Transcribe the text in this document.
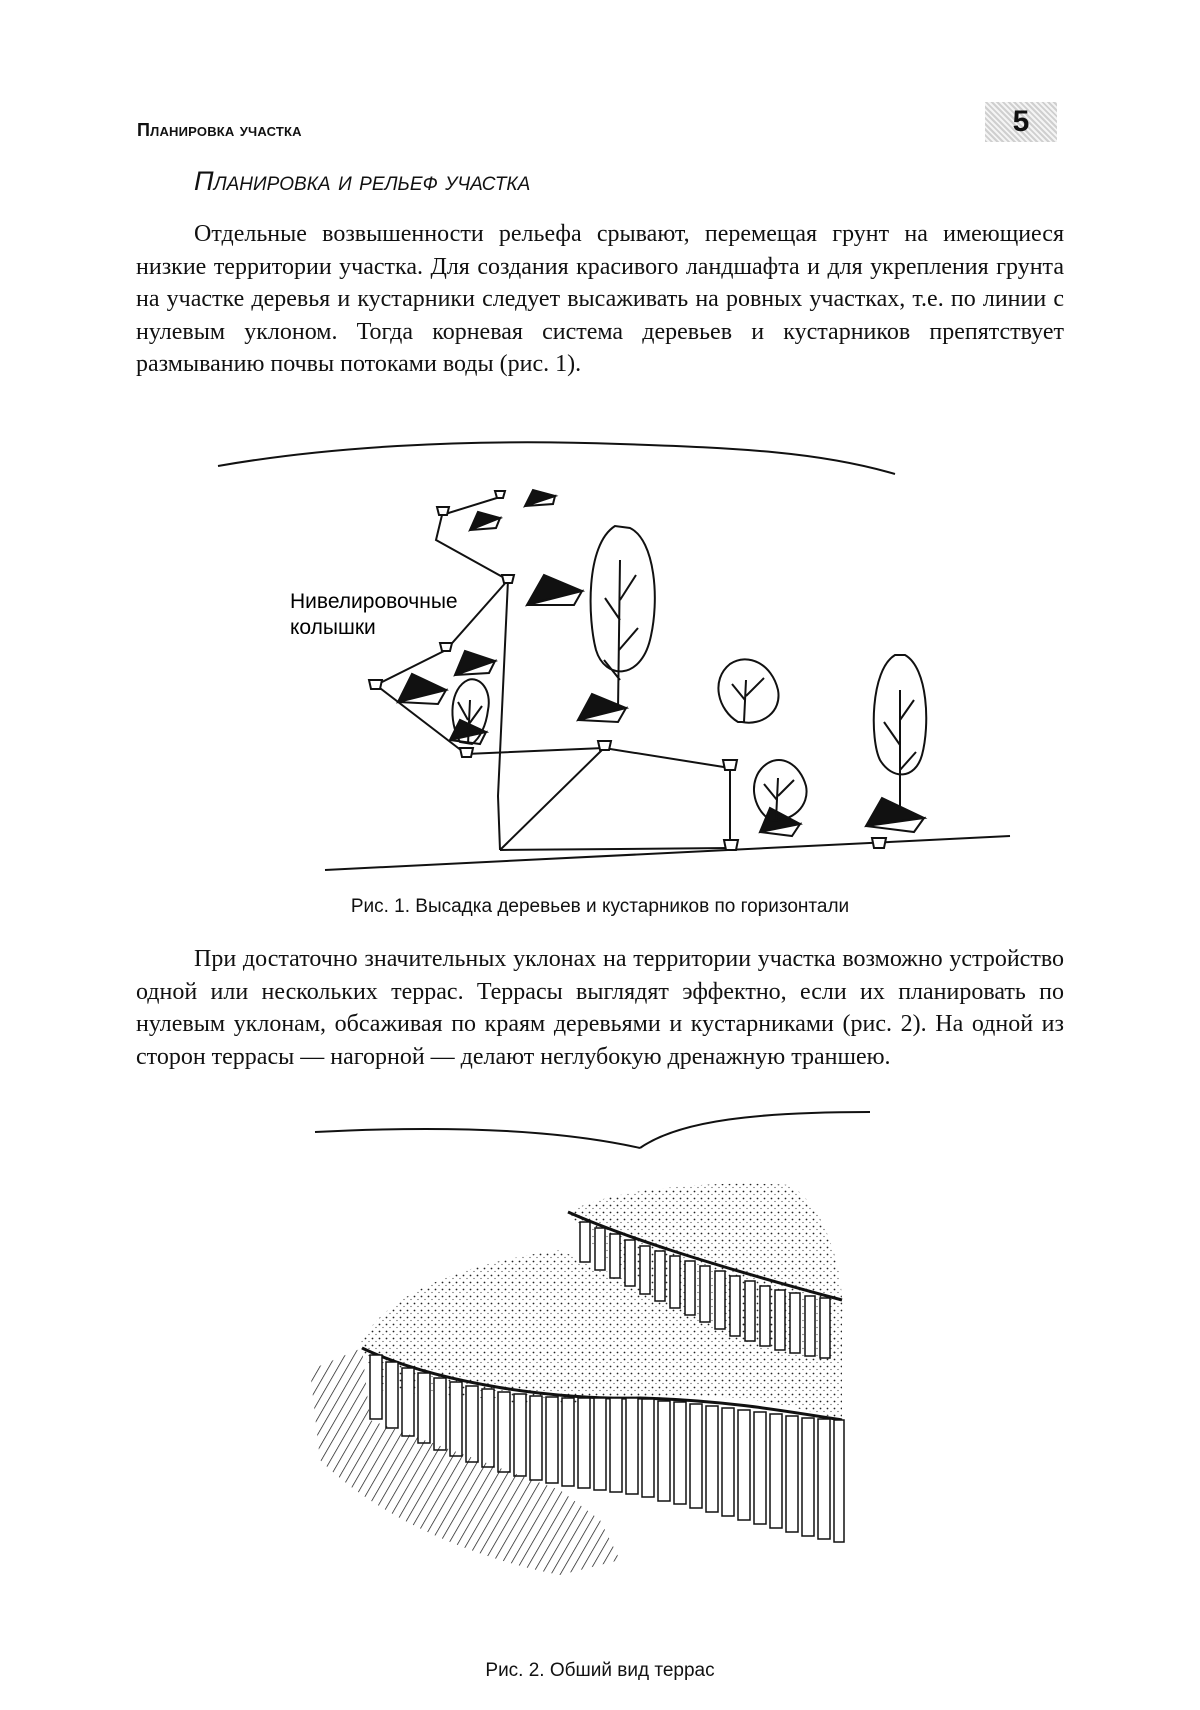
Планировка участка	5
Планировка и рельеф участка

Отдельные возвышенности рельефа срывают, перемещая грунт на имеющиеся низкие территории участка. Для создания красивого ландшафта и для укрепления грунта на участке деревья и кустарники следует высаживать на ровных участках, т.е. по линии с нулевым уклоном. Тогда корневая система деревьев и кустарников препятствует размыванию почвы потоками воды (рис. 1).

Нивелировочные
колышки
Рис. 1. Высадка деревьев и кустарников по горизонтали

При достаточно значительных уклонах на территории участка возможно устройство одной или нескольких террас. Террасы выглядят эффектно, если их планировать по нулевым уклонам, обсаживая по краям деревьями и кустарниками (рис. 2). На одной из сторон террасы — нагорной — делают неглубокую дренажную траншею.

Рис. 2. Обший вид террас
